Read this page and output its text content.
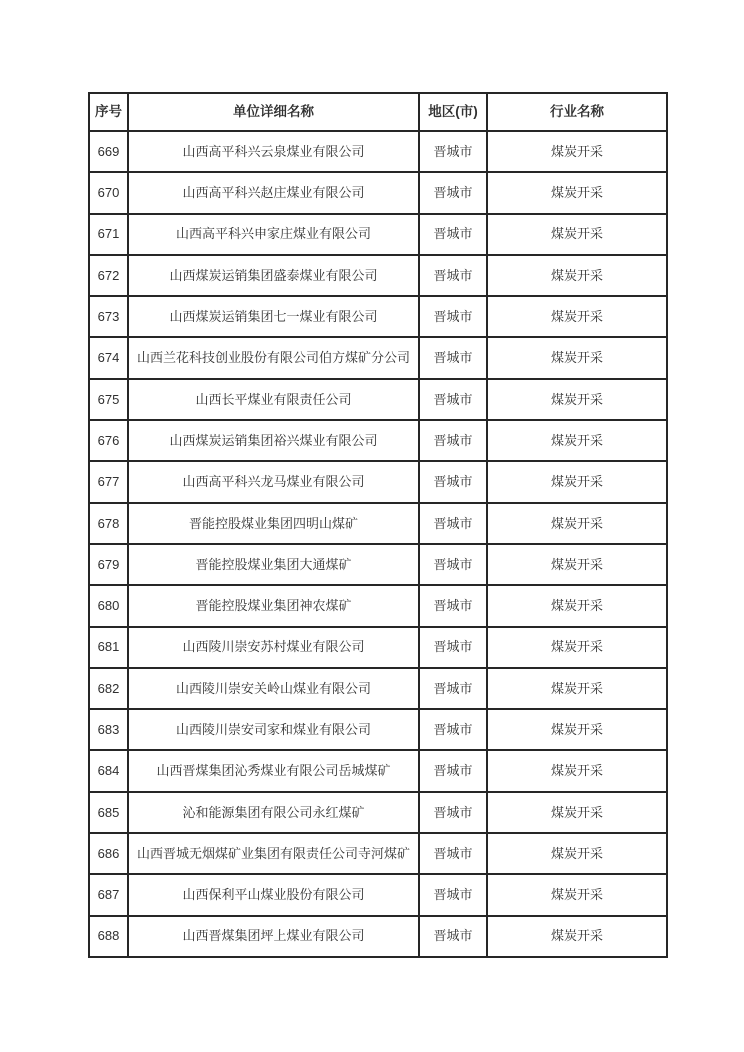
序号	单位详细名称	地区(市)	行业名称
669	山西高平科兴云泉煤业有限公司	晋城市	煤炭开采
670	山西高平科兴赵庄煤业有限公司	晋城市	煤炭开采
671	山西高平科兴申家庄煤业有限公司	晋城市	煤炭开采
672	山西煤炭运销集团盛泰煤业有限公司	晋城市	煤炭开采
673	山西煤炭运销集团七一煤业有限公司	晋城市	煤炭开采
674	山西兰花科技创业股份有限公司伯方煤矿分公司	晋城市	煤炭开采
675	山西长平煤业有限责任公司	晋城市	煤炭开采
676	山西煤炭运销集团裕兴煤业有限公司	晋城市	煤炭开采
677	山西高平科兴龙马煤业有限公司	晋城市	煤炭开采
678	晋能控股煤业集团四明山煤矿	晋城市	煤炭开采
679	晋能控股煤业集团大通煤矿	晋城市	煤炭开采
680	晋能控股煤业集团神农煤矿	晋城市	煤炭开采
681	山西陵川崇安苏村煤业有限公司	晋城市	煤炭开采
682	山西陵川崇安关岭山煤业有限公司	晋城市	煤炭开采
683	山西陵川崇安司家和煤业有限公司	晋城市	煤炭开采
684	山西晋煤集团沁秀煤业有限公司岳城煤矿	晋城市	煤炭开采
685	沁和能源集团有限公司永红煤矿	晋城市	煤炭开采
686	山西晋城无烟煤矿业集团有限责任公司寺河煤矿	晋城市	煤炭开采
687	山西保利平山煤业股份有限公司	晋城市	煤炭开采
688	山西晋煤集团坪上煤业有限公司	晋城市	煤炭开采
